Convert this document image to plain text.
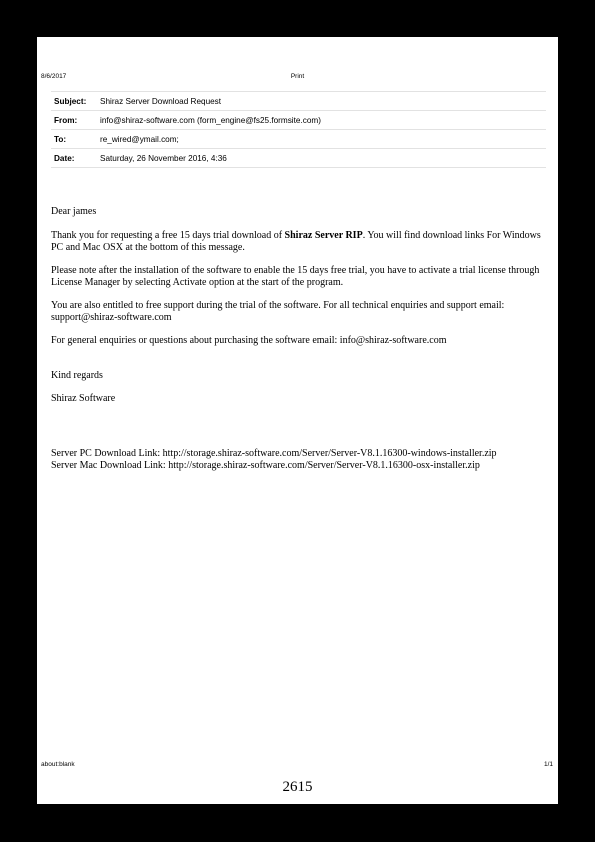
8/6/2017	Print
Subject:	Shiraz Server Download Request
From:	info@shiraz-software.com (form_engine@fs25.formsite.com)
To:	re_wired@ymail.com;
Date:	Saturday, 26 November 2016, 4:36

Dear james

Thank you for requesting a free 15 days trial download of Shiraz Server RIP. You will find download links For Windows PC and Mac OSX at the bottom of this message.

Please note after the installation of the software to enable the 15 days free trial, you have to activate a trial license through License Manager by selecting Activate option at the start of the program.

You are also entitled to free support during the trial of the software. For all technical enquiries and support email: support@shiraz-software.com

For general enquiries or questions about purchasing the software email: info@shiraz-software.com

Kind regards

Shiraz Software

Server PC Download Link: http://storage.shiraz-software.com/Server/Server-V8.1.16300-windows-installer.zip

Server Mac Download Link: http://storage.shiraz-software.com/Server/Server-V8.1.16300-osx-installer.zip

about:blank	1/1
2615
